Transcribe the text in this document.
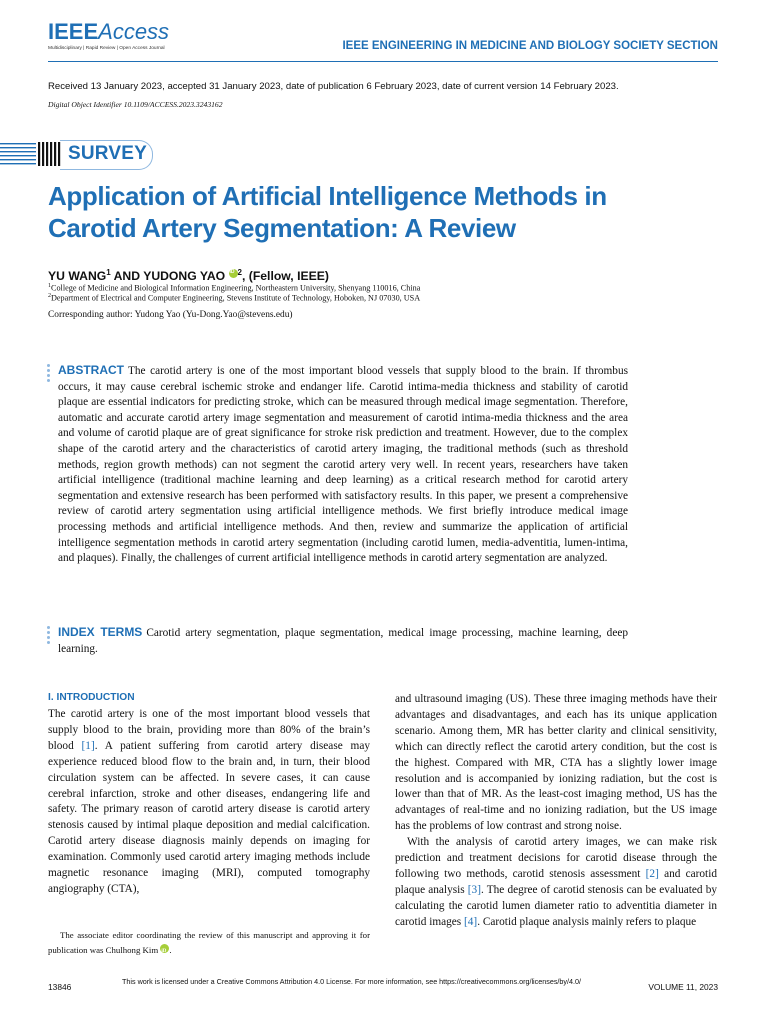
IEEEAccess
Multidisciplinary | Rapid Review | Open Access Journal	IEEE ENGINEERING IN MEDICINE AND BIOLOGY SOCIETY SECTION
Received 13 January 2023, accepted 31 January 2023, date of publication 6 February 2023, date of current version 14 February 2023.
Digital Object Identifier 10.1109/ACCESS.2023.3243162
SURVEY
Application of Artificial Intelligence Methods in Carotid Artery Segmentation: A Review
YU WANG$^1$ AND YUDONG YAO iD $^2$, (Fellow, IEEE)
$^1$College of Medicine and Biological Information Engineering, Northeastern University, Shenyang 110016, China
$^2$Department of Electrical and Computer Engineering, Stevens Institute of Technology, Hoboken, NJ 07030, USA
Corresponding author: Yudong Yao (Yu-Dong.Yao@stevens.edu)
ABSTRACT The carotid artery is one of the most important blood vessels that supply blood to the brain. If thrombus occurs, it may cause cerebral ischemic stroke and endanger life. Carotid intima-media thickness and stability of carotid plaque are essential indicators for predicting stroke, which can be measured through medical image segmentation. Therefore, automatic and accurate carotid artery image segmentation and measurement of carotid intima-media thickness and the area and volume of carotid plaque are of great significance for stroke risk prediction and treatment. However, due to the complex shape of the carotid artery and the characteristics of carotid artery imaging, the traditional methods (such as threshold methods, region growth methods) can not segment the carotid artery very well. In recent years, researchers have taken artificial intelligence (traditional machine learning and deep learning) as a critical research method for carotid artery segmentation and extensive research has been performed with satisfactory results. In this paper, we present a comprehensive review of carotid artery segmentation using artificial intelligence methods. We first briefly introduce medical image processing methods and artificial intelligence methods. And then, review and summarize the application of artificial intelligence segmentation methods in carotid artery segmentation (including carotid lumen, media-adventitia, lumen-intima, and plaques). Finally, the challenges of current artificial intelligence methods in carotid artery segmentation are analyzed.
INDEX TERMS Carotid artery segmentation, plaque segmentation, medical image processing, machine learning, deep learning.
I. INTRODUCTION
The carotid artery is one of the most important blood vessels that supply blood to the brain, providing more than 80% of the brain’s blood [1]. A patient suffering from carotid artery disease may experience reduced blood flow to the brain and, in turn, their blood circulation system can be affected. In severe cases, it can cause cerebral infarction, stroke and other diseases, endangering life and safety. The primary reason of carotid artery disease is carotid artery stenosis caused by intimal plaque deposition and medial calcification. Carotid artery disease diagnosis mainly depends on imaging for examination. Commonly used carotid artery imaging methods include magnetic resonance imaging (MRI), computed tomography angiography (CTA),
and ultrasound imaging (US). These three imaging methods have their advantages and disadvantages, and each has its unique application scenario. Among them, MR has better clarity and clinical sensitivity, which can directly reflect the carotid artery condition, but the cost is the highest. Compared with MR, CTA has a slightly lower image resolution and is accompanied by ionizing radiation, but the cost is lower than that of MR. As the least-cost imaging method, US has the advantages of real-time and no ionizing radiation, but the US image has the problems of low contrast and strong noise.
With the analysis of carotid artery images, we can make risk prediction and treatment decisions for carotid disease through the following two methods, carotid stenosis assessment [2] and carotid plaque analysis [3]. The degree of carotid stenosis can be evaluated by calculating the carotid lumen diameter ratio to adventitia diameter in carotid images [4]. Carotid plaque analysis mainly refers to plaque
The associate editor coordinating the review of this manuscript and approving it for publication was Chulhong Kim iD .
13846
This work is licensed under a Creative Commons Attribution 4.0 License. For more information, see https://creativecommons.org/licenses/by/4.0/
VOLUME 11, 2023
